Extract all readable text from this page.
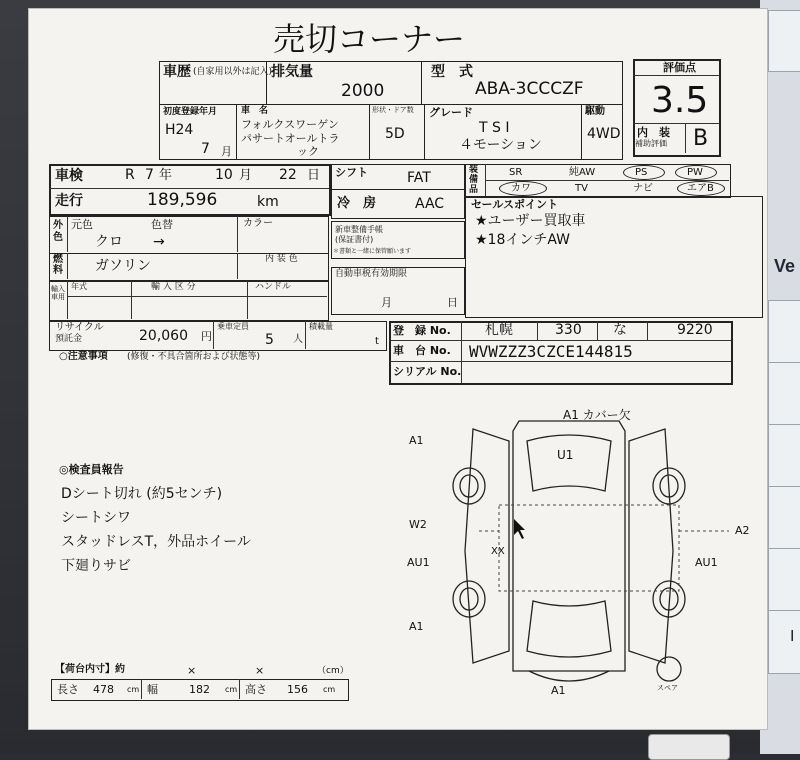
Ve
I
売切コーナー
車歴 (自家用以外は記入)
排気量
2000
型　式
ABA-3CCCZF
評価点
3.5
内　装
補助評価 B
初度登録年月
H24
7 月
車　名
フォルクスワーゲン
パサートオールトラ
ック
形状・ドア数
5D
グレード
T S I
４モーション
駆動
4WD
車検	R 7 年	10 月 22 日
走行	189,596	km
シフト	FAT
冷　房	AAC
装
備
品
SR	純AW	PS	PW
カワ	TV	ナビ	エアB
外
色
元色	色替	カラー
クロ →
新車整備手帳
(保証書付)
＊書類と一緒に保管願います
燃
料 ガソリン	内 装 色
輸入
車用
年式	輸 入 区 分	ハンドル
自動車税有効期限
月	日
セールスポイント
★ユーザー買取車
★18インチAW
リサイクル
預託金	20,060 円
乗車定員
5 人
積載量
t
登　録 No. 札幌	330 な	9220
車　台 No. WVWZZZ3CZCE144815
シリアル No.
○注意事項 (修復・不具合箇所および状態等)
◎検査員報告
Dシート切れ (約5センチ)
シートシワ
スタッドレスT，外品ホイール
下廻りサビ
【荷台内寸】約	×	×	（cm）
長さ 478 cm 幅	182 cm 高さ 156 cm
A1 カバー欠
U1
A1
W2	A2
AU1	AU1
XX
A1
A1	スペア
